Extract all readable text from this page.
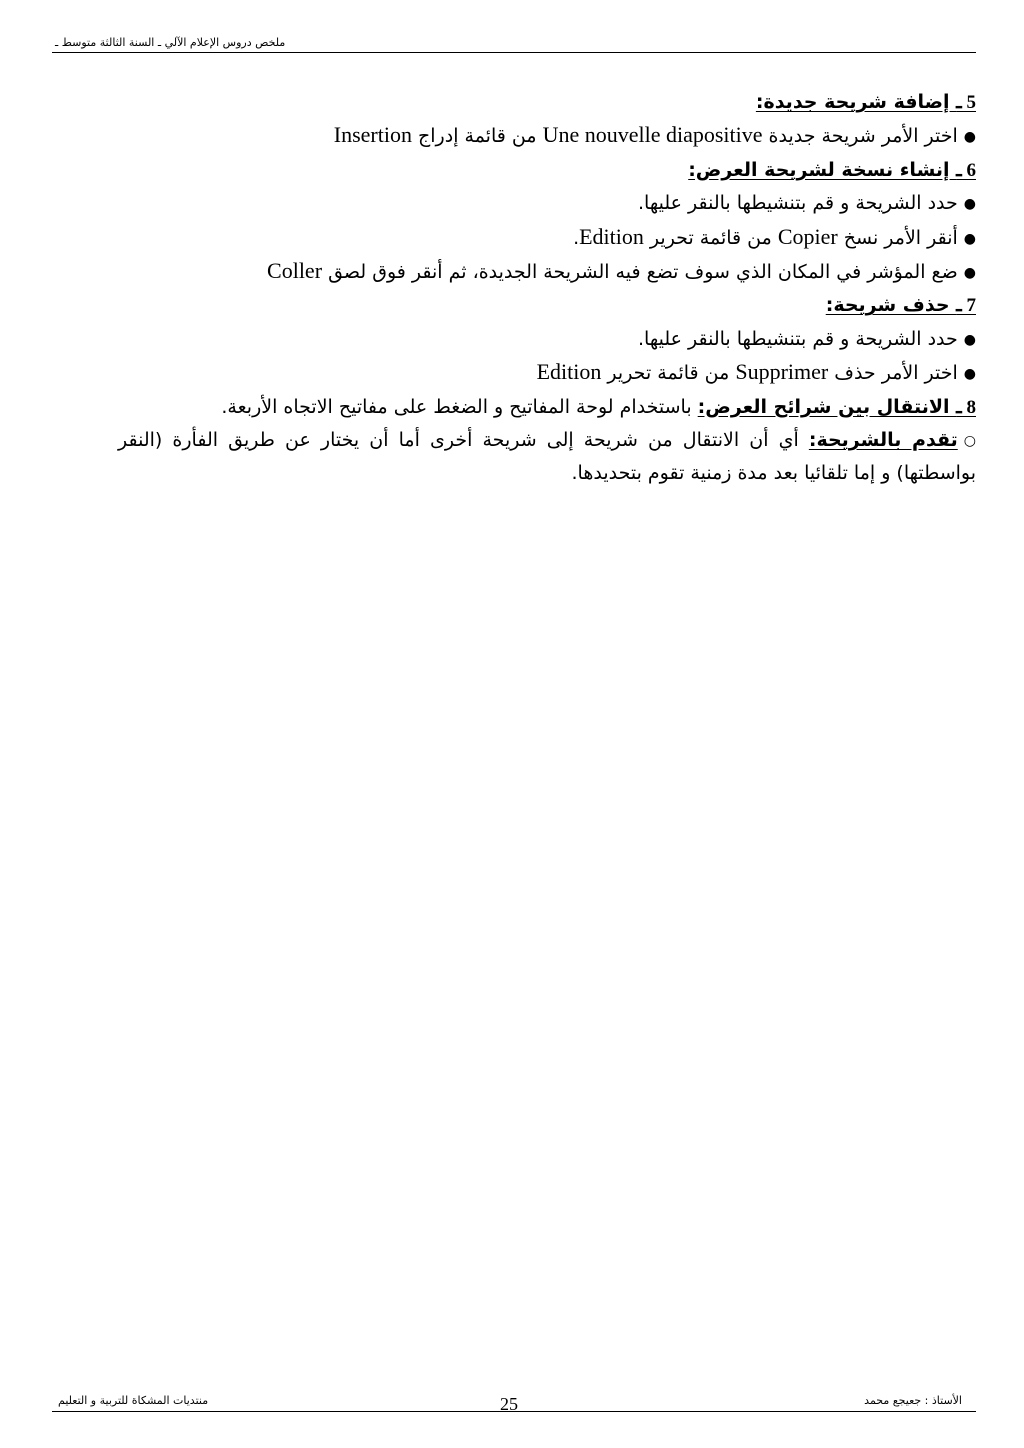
ملخص دروس الإعلام الآلي ـ السنة الثالثة متوسط ـ
5 ـ إضافة شريحة جديدة:
●اختر الأمر شريحة جديدة Une nouvelle diapositive من قائمة إدراج Insertion
6 ـ إنشاء نسخة لشريحة العرض:
●حدد الشريحة و قم بتنشيطها بالنقر عليها.
●أنقر الأمر نسخ Copier من قائمة تحرير Edition.
●ضع المؤشر في المكان الذي سوف تضع فيه الشريحة الجديدة، ثم أنقر فوق لصق Coller
7 ـ حذف شريحة:
●حدد الشريحة و قم بتنشيطها بالنقر عليها.
●اختر الأمر حذف Supprimer من قائمة تحرير Edition
8 ـ الانتقال بين شرائح العرض: باستخدام لوحة المفاتيح و الضغط على مفاتيح الاتجاه الأربعة.
○تقدم بالشريحة: أي أن الانتقال من شريحة إلى شريحة أخرى أما أن يختار عن طريق الفأرة (النقر بواسطتها) و إما تلقائيا بعد مدة زمنية تقوم بتحديدها.
الأستاذ : جعيجع محمد
25
منتديات المشكاة للتربية و التعليم
